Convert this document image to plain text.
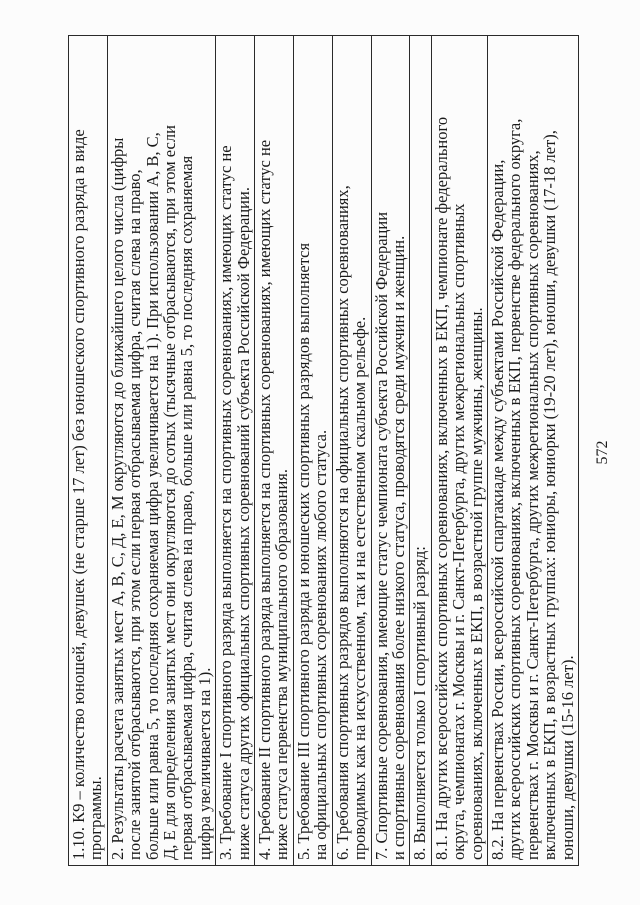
1.10. К9 – количество юношей, девушек (не старше 17 лет) без юношеского спортивного разряда в виде
программы.

2. Результаты расчета занятых мест А, В, С, Д, Е, М округляются до ближайшего целого числа (цифры
после занятой отбрасываются, при этом если первая отбрасываемая цифра, считая слева на право,
больше или равна 5, то последняя сохраняемая цифра увеличивается на 1). При использовании А, В, С,
Д, Е для определения занятых мест они округляются до сотых (тысячные отбрасываются, при этом если
первая отбрасываемая цифра, считая слева на право, больше или равна 5, то последняя сохраняемая
цифра увеличивается на 1).

3. Требование I спортивного разряда выполняется на спортивных соревнованиях, имеющих статус не
ниже статуса других официальных спортивных соревнований субъекта Российской Федерации.

4. Требование II спортивного разряда выполняется на спортивных соревнованиях, имеющих статус не
ниже статуса первенства муниципального образования.

5. Требование III спортивного разряда и юношеских спортивных разрядов выполняется
на официальных спортивных соревнованиях любого статуса.

6. Требования спортивных разрядов выполняются на официальных спортивных соревнованиях,
проводимых как на искусственном, так и на естественном скальном рельефе.

7. Спортивные соревнования, имеющие статус чемпионата субъекта Российской Федерации
и спортивные соревнования более низкого статуса, проводятся среди мужчин и женщин.

8. Выполняется только I спортивный разряд:

8.1. На других всероссийских спортивных соревнованиях, включенных в ЕКП, чемпионате федерального
округа, чемпионатах г. Москвы и г. Санкт-Петербурга, других межрегиональных спортивных
соревнованиях, включенных в ЕКП, в возрастной группе мужчины, женщины.

8.2. На первенствах России, всероссийской спартакиаде между субъектами Российской Федерации,
других всероссийских спортивных соревнованиях, включенных в ЕКП, первенстве федерального округа,
первенствах г. Москвы и г. Санкт-Петербурга, других межрегиональных спортивных соревнованиях,
включенных в ЕКП, в возрастных группах: юниоры, юниорки (19-20 лет), юноши, девушки (17-18 лет),
юноши, девушки (15-16 лет).
572
